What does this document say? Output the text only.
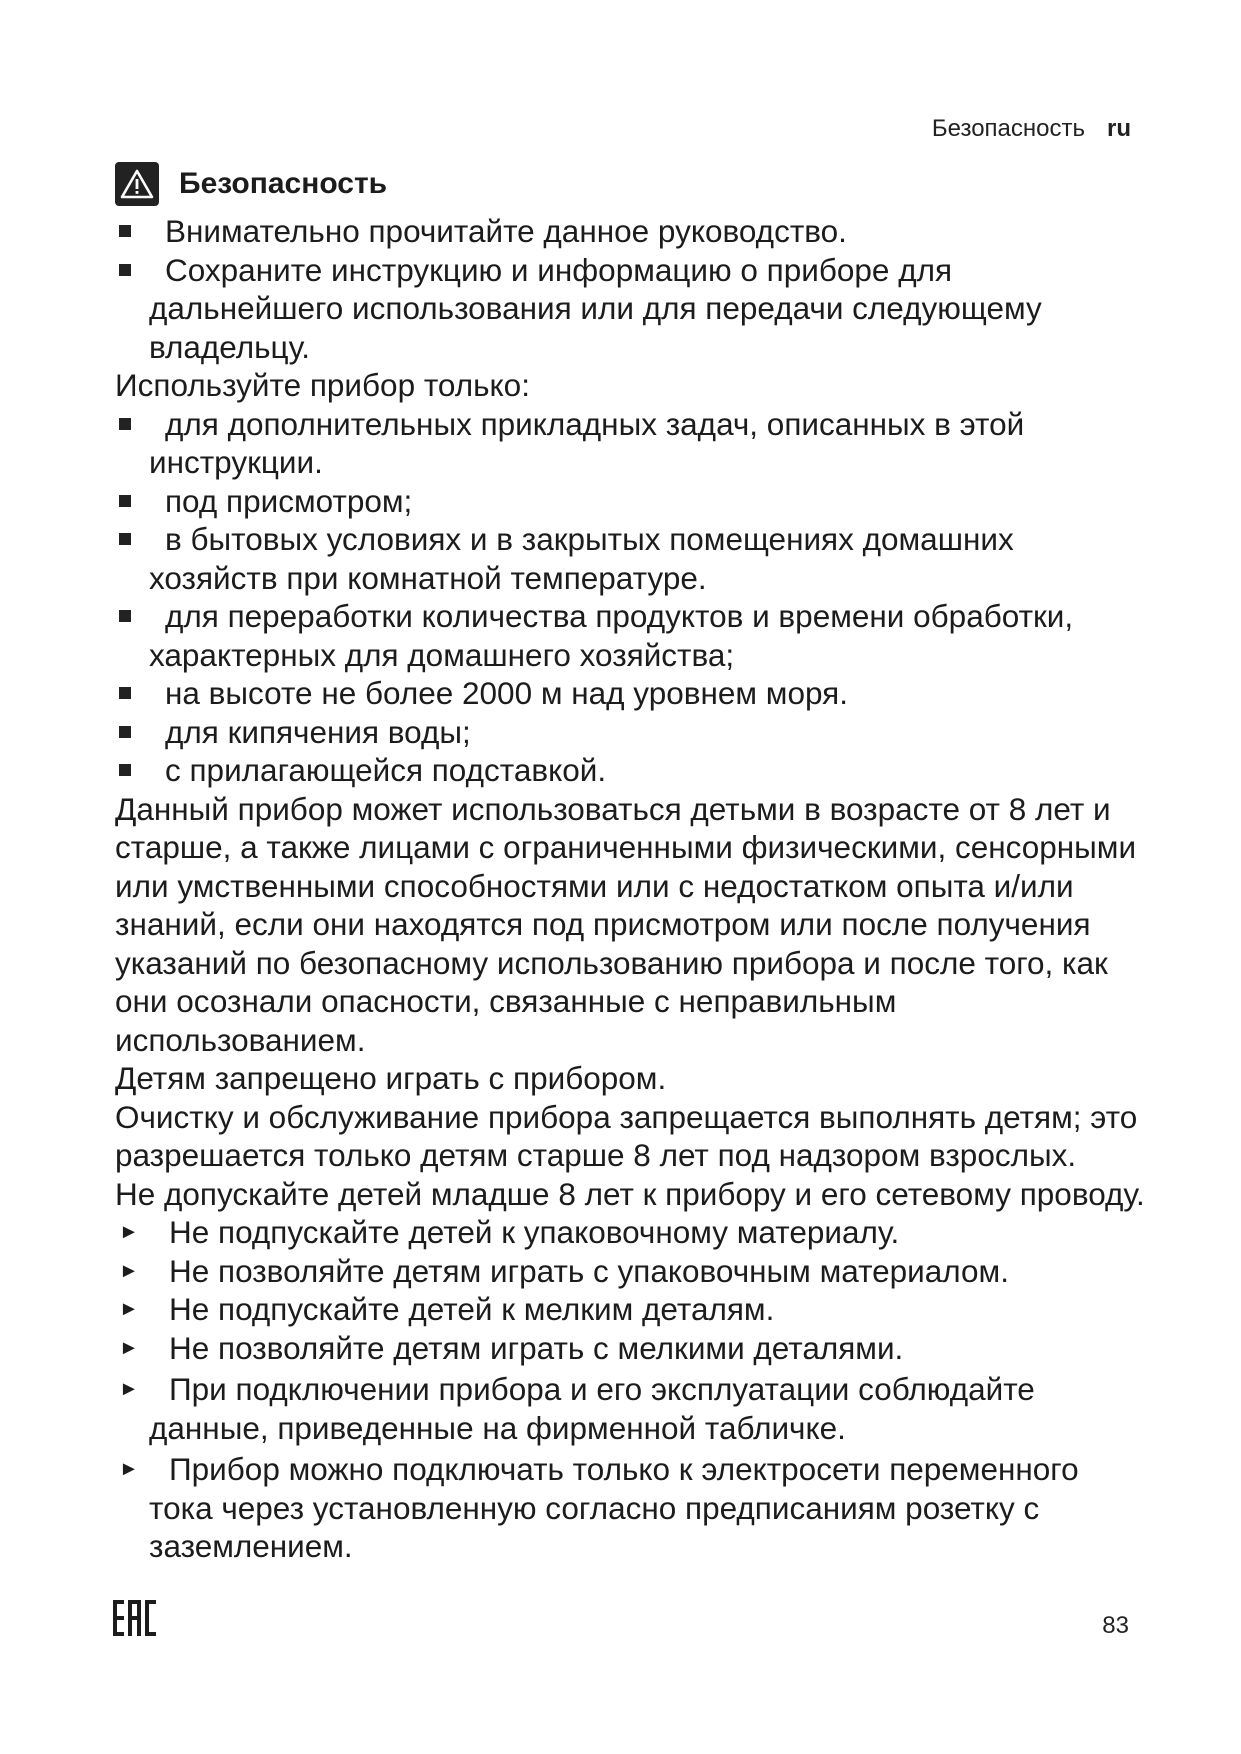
Безопасность ru
Безопасность
Внимательно прочитайте данное руководство.
Сохраните инструкцию и информацию о приборе для дальнейшего использования или для передачи следующему владельцу.

Используйте прибор только:

для дополнительных прикладных задач, описанных в этой инструкции.
под присмотром;
в бытовых условиях и в закрытых помещениях домашних хозяйств при комнатной температуре.
для переработки количества продуктов и времени обработки, характерных для домашнего хозяйства;
на высоте не более 2000 м над уровнем моря.
для кипячения воды;
с прилагающейся подставкой.

Данный прибор может использоваться детьми в возрасте от 8 лет и старше, а также лицами с ограниченными физическими, сенсорными или умственными способностями или с недостатком опыта и/или знаний, если они находятся под присмотром или после получения указаний по безопасному использованию прибора и после того, как они осознали опасности, связанные с неправильным использованием.

Детям запрещено играть с прибором.

Очистку и обслуживание прибора запрещается выполнять детям; это разрешается только детям старше 8 лет под надзором взрослых.

Не допускайте детей младше 8 лет к прибору и его сетевому проводу.

► Не подпускайте детей к упаковочному материалу.
► Не позволяйте детям играть с упаковочным материалом.
► Не подпускайте детей к мелким деталям.
► Не позволяйте детям играть с мелкими деталями.
► При подключении прибора и его эксплуатации соблюдайте данные, приведенные на фирменной табличке.
► Прибор можно подключать только к электросети переменного тока через установленную согласно предписаниям розетку с заземлением.
83
